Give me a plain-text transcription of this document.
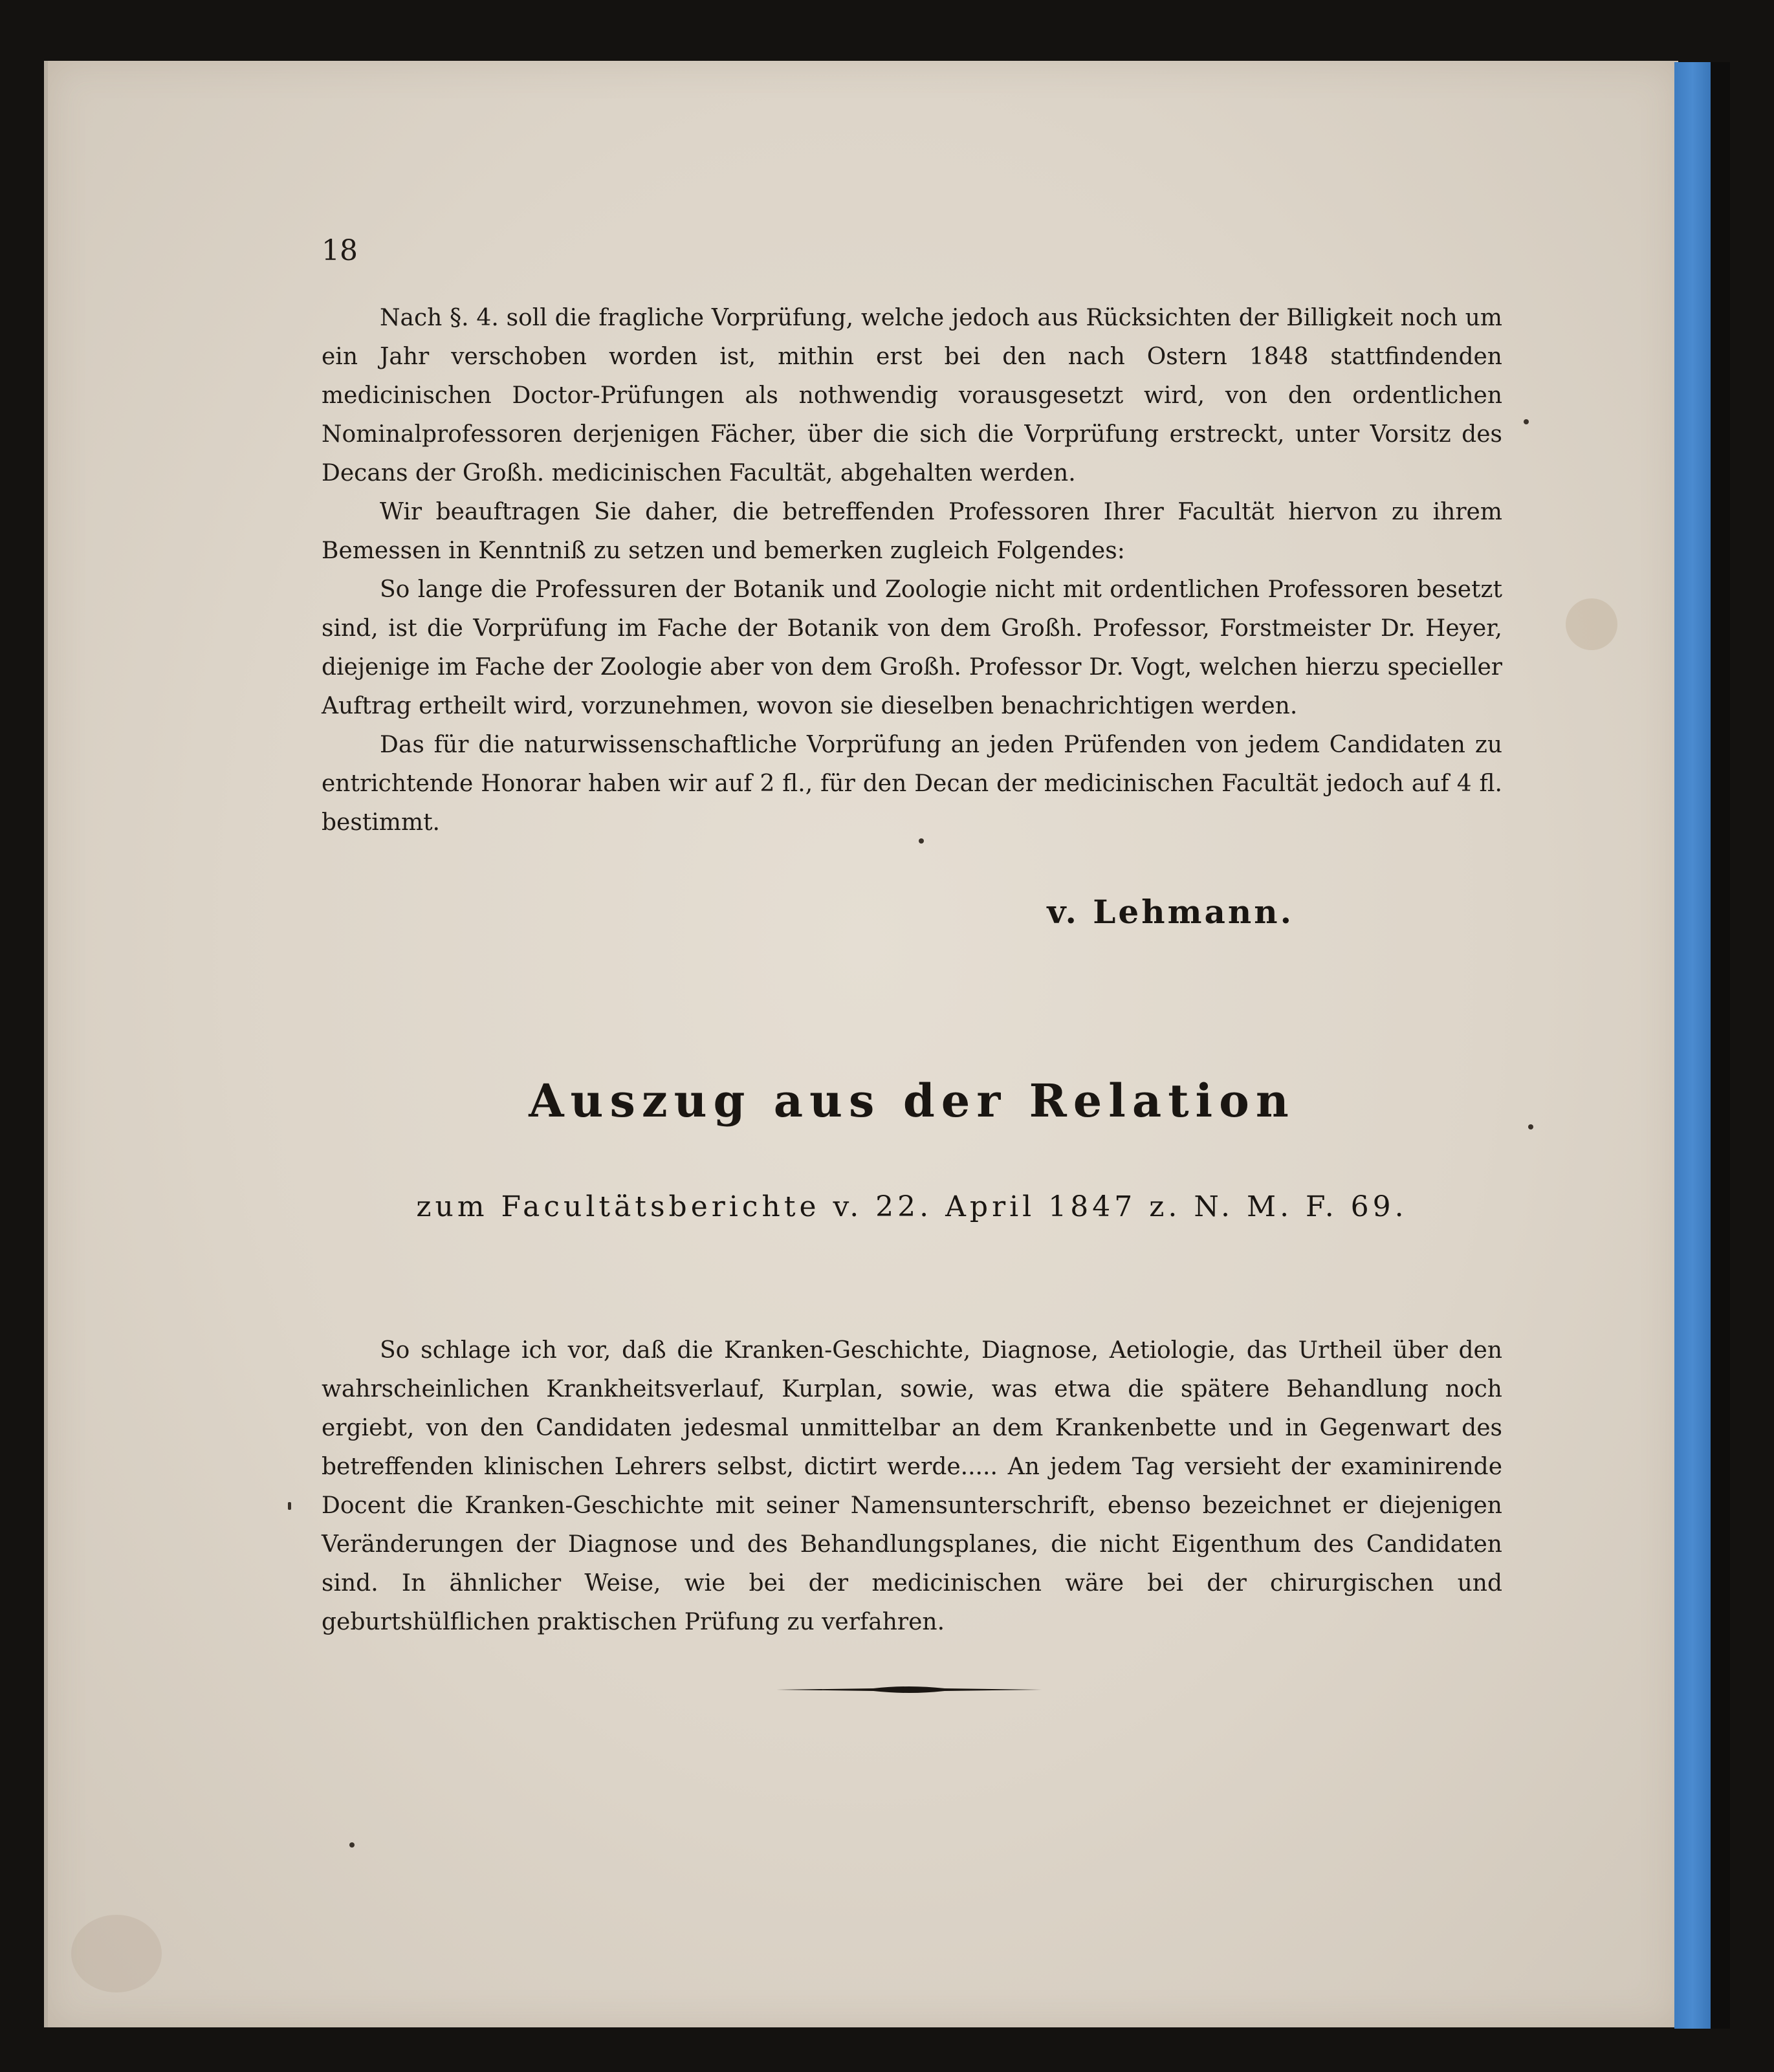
18

Nach §. 4. soll die fragliche Vorprüfung, welche jedoch aus Rücksichten der Billigkeit noch um ein Jahr verschoben worden ist, mithin erst bei den nach Ostern 1848 stattfindenden medicinischen Doctor-Prüfungen als nothwendig vorausgesetzt wird, von den ordentlichen Nominalprofessoren derjenigen Fächer, über die sich die Vorprüfung erstreckt, unter Vorsitz des Decans der Großh. medicinischen Facultät, abgehalten werden.

Wir beauftragen Sie daher, die betreffenden Professoren Ihrer Facultät hiervon zu ihrem Bemessen in Kenntniß zu setzen und bemerken zugleich Folgendes:

So lange die Professuren der Botanik und Zoologie nicht mit ordentlichen Professoren besetzt sind, ist die Vorprüfung im Fache der Botanik von dem Großh. Professor, Forstmeister Dr. Heyer, diejenige im Fache der Zoologie aber von dem Großh. Professor Dr. Vogt, welchen hierzu specieller Auftrag ertheilt wird, vorzunehmen, wovon sie dieselben benachrichtigen werden.

Das für die naturwissenschaftliche Vorprüfung an jeden Prüfenden von jedem Candidaten zu entrichtende Honorar haben wir auf 2 fl., für den Decan der medicinischen Facultät jedoch auf 4 fl. bestimmt.

v. Lehmann.
Auszug aus der Relation
zum Facultätsberichte v. 22. April 1847 z. N. M. F. 69.

So schlage ich vor, daß die Kranken-Geschichte, Diagnose, Aetiologie, das Urtheil über den wahrscheinlichen Krankheitsverlauf, Kurplan, sowie, was etwa die spätere Behandlung noch ergiebt, von den Candidaten jedesmal unmittelbar an dem Krankenbette und in Gegenwart des betreffenden klinischen Lehrers selbst, dictirt werde..... An jedem Tag versieht der examinirende Docent die Kranken-Geschichte mit seiner Namensunterschrift, ebenso bezeichnet er diejenigen Veränderungen der Diagnose und des Behandlungsplanes, die nicht Eigenthum des Candidaten sind. In ähnlicher Weise, wie bei der medicinischen wäre bei der chirurgischen und geburtshülflichen praktischen Prüfung zu verfahren.
